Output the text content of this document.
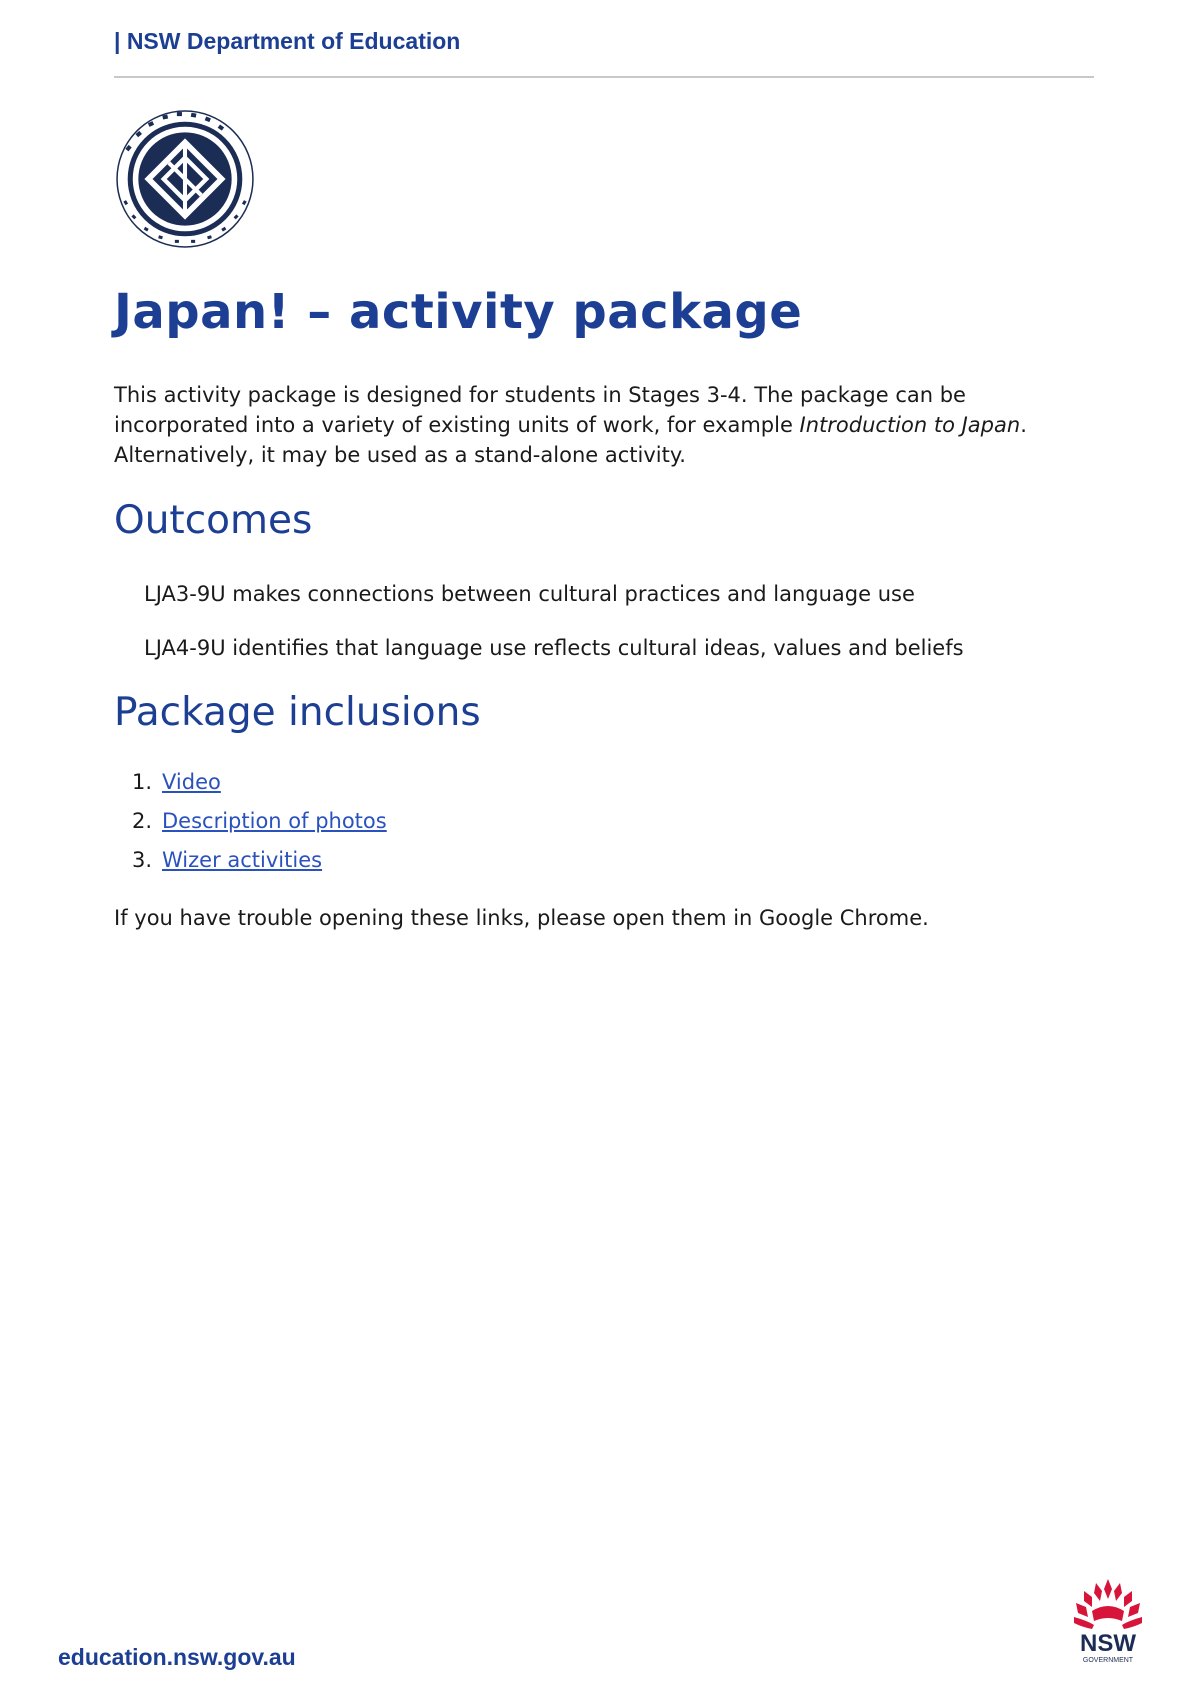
| NSW Department of Education
Japan! – activity package

This activity package is designed for students in Stages 3-4. The package can be incorporated into a variety of existing units of work, for example Introduction to Japan. Alternatively, it may be used as a stand-alone activity.

Outcomes

LJA3-9U makes connections between cultural practices and language use

LJA4-9U identifies that language use reflects cultural ideas, values and beliefs

Package inclusions
1. Video
2. Description of photos
3. Wizer activities

If you have trouble opening these links, please open them in Google Chrome.

education.nsw.gov.au	NSW
GOVERNMENT
